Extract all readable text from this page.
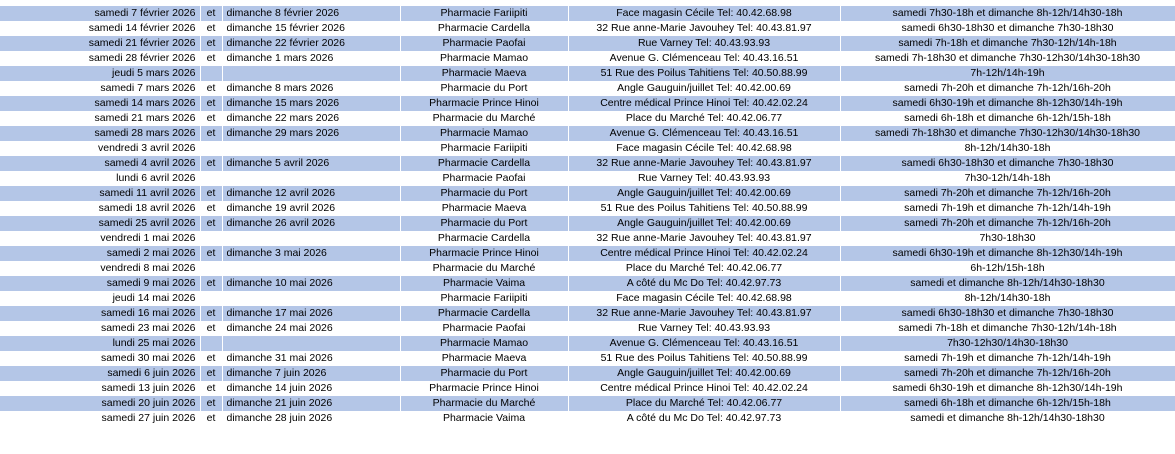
samedi 7 février 2026	et	dimanche 8 février 2026	Pharmacie Fariipiti	Face magasin Cécile Tel: 40.42.68.98	samedi 7h30-18h et dimanche 8h-12h/14h30-18h
samedi 14 février 2026	et	dimanche 15 février 2026	Pharmacie Cardella	32 Rue anne-Marie Javouhey Tel: 40.43.81.97	samedi 6h30-18h30 et dimanche 7h30-18h30
samedi 21 février 2026	et	dimanche 22 février 2026	Pharmacie Paofai	Rue Varney Tel: 40.43.93.93	samedi 7h-18h et dimanche 7h30-12h/14h-18h
samedi 28 février 2026	et	dimanche 1 mars 2026	Pharmacie Mamao	Avenue G. Clémenceau Tel: 40.43.16.51	samedi 7h-18h30 et dimanche 7h30-12h30/14h30-18h30
jeudi 5 mars 2026			Pharmacie Maeva	51 Rue des Poilus Tahitiens Tel: 40.50.88.99	7h-12h/14h-19h
samedi 7 mars 2026	et	dimanche 8 mars 2026	Pharmacie du Port	Angle Gauguin/juillet Tel: 40.42.00.69	samedi 7h-20h et dimanche 7h-12h/16h-20h
samedi 14 mars 2026	et	dimanche 15 mars 2026	Pharmacie Prince Hinoi	Centre médical Prince Hinoi Tel: 40.42.02.24	samedi 6h30-19h et dimanche 8h-12h30/14h-19h
samedi 21 mars 2026	et	dimanche 22 mars 2026	Pharmacie du Marché	Place du Marché Tel: 40.42.06.77	samedi 6h-18h et dimanche 6h-12h/15h-18h
samedi 28 mars 2026	et	dimanche 29 mars 2026	Pharmacie Mamao	Avenue G. Clémenceau Tel: 40.43.16.51	samedi 7h-18h30 et dimanche 7h30-12h30/14h30-18h30
vendredi 3 avril 2026			Pharmacie Fariipiti	Face magasin Cécile Tel: 40.42.68.98	8h-12h/14h30-18h
samedi 4 avril 2026	et	dimanche 5 avril 2026	Pharmacie Cardella	32 Rue anne-Marie Javouhey Tel: 40.43.81.97	samedi 6h30-18h30 et dimanche 7h30-18h30
lundi 6 avril 2026			Pharmacie Paofai	Rue Varney Tel: 40.43.93.93	7h30-12h/14h-18h
samedi 11 avril 2026	et	dimanche 12 avril 2026	Pharmacie du Port	Angle Gauguin/juillet Tel: 40.42.00.69	samedi 7h-20h et dimanche 7h-12h/16h-20h
samedi 18 avril 2026	et	dimanche 19 avril 2026	Pharmacie Maeva	51 Rue des Poilus Tahitiens Tel: 40.50.88.99	samedi 7h-19h et dimanche 7h-12h/14h-19h
samedi 25 avril 2026	et	dimanche 26 avril 2026	Pharmacie du Port	Angle Gauguin/juillet Tel: 40.42.00.69	samedi 7h-20h et dimanche 7h-12h/16h-20h
vendredi 1 mai 2026			Pharmacie Cardella	32 Rue anne-Marie Javouhey Tel: 40.43.81.97	7h30-18h30
samedi 2 mai 2026	et	dimanche 3 mai 2026	Pharmacie Prince Hinoi	Centre médical Prince Hinoi Tel: 40.42.02.24	samedi 6h30-19h et dimanche 8h-12h30/14h-19h
vendredi 8 mai 2026			Pharmacie du Marché	Place du Marché Tel: 40.42.06.77	6h-12h/15h-18h
samedi 9 mai 2026	et	dimanche 10 mai 2026	Pharmacie Vaima	A côté du Mc Do Tel: 40.42.97.73	samedi et dimanche 8h-12h/14h30-18h30
jeudi 14 mai 2026			Pharmacie Fariipiti	Face magasin Cécile Tel: 40.42.68.98	8h-12h/14h30-18h
samedi 16 mai 2026	et	dimanche 17 mai 2026	Pharmacie Cardella	32 Rue anne-Marie Javouhey Tel: 40.43.81.97	samedi 6h30-18h30 et dimanche 7h30-18h30
samedi 23 mai 2026	et	dimanche 24 mai 2026	Pharmacie Paofai	Rue Varney Tel: 40.43.93.93	samedi 7h-18h et dimanche 7h30-12h/14h-18h
lundi 25 mai 2026			Pharmacie Mamao	Avenue G. Clémenceau Tel: 40.43.16.51	7h30-12h30/14h30-18h30
samedi 30 mai 2026	et	dimanche 31 mai 2026	Pharmacie Maeva	51 Rue des Poilus Tahitiens Tel: 40.50.88.99	samedi 7h-19h et dimanche 7h-12h/14h-19h
samedi 6 juin 2026	et	dimanche 7 juin 2026	Pharmacie du Port	Angle Gauguin/juillet Tel: 40.42.00.69	samedi 7h-20h et dimanche 7h-12h/16h-20h
samedi 13 juin 2026	et	dimanche 14 juin 2026	Pharmacie Prince Hinoi	Centre médical Prince Hinoi Tel: 40.42.02.24	samedi 6h30-19h et dimanche 8h-12h30/14h-19h
samedi 20 juin 2026	et	dimanche 21 juin 2026	Pharmacie du Marché	Place du Marché Tel: 40.42.06.77	samedi 6h-18h et dimanche 6h-12h/15h-18h
samedi 27 juin 2026	et	dimanche 28 juin 2026	Pharmacie Vaima	A côté du Mc Do Tel: 40.42.97.73	samedi et dimanche 8h-12h/14h30-18h30
